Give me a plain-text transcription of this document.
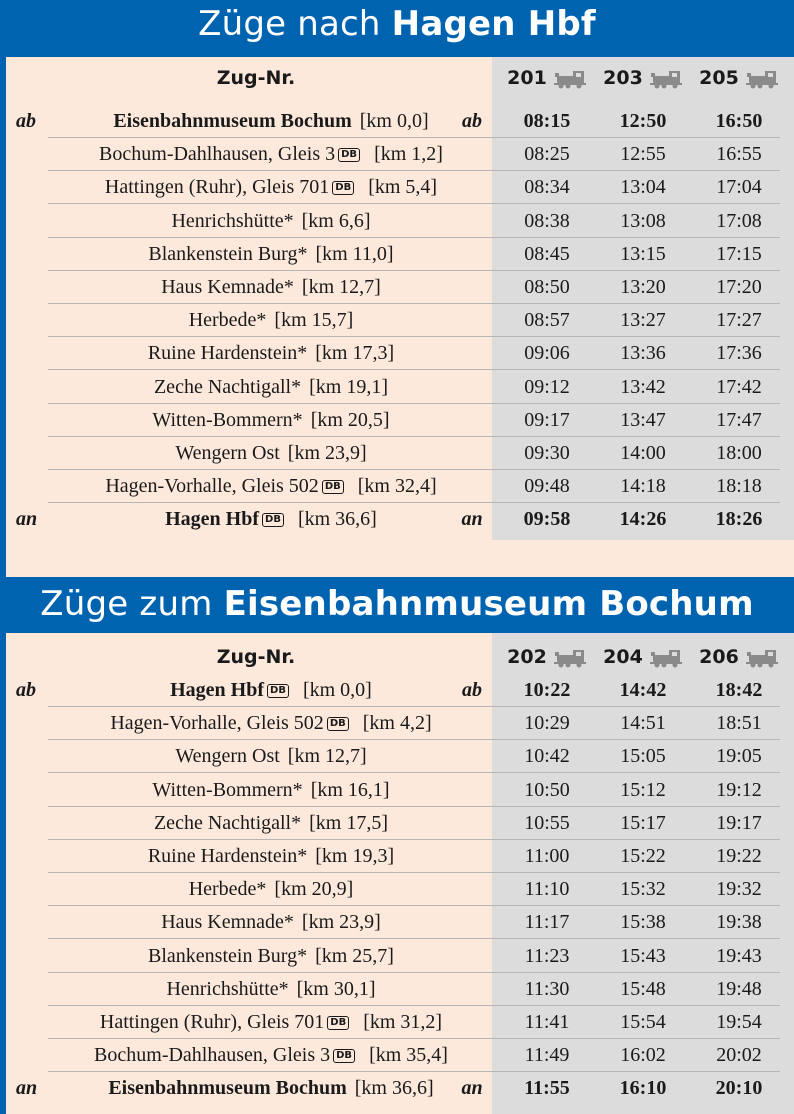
Züge nach Hagen Hbf
Zug-Nr.	201	203	205
ab	Eisenbahnmuseum Bochum [km 0,0]	ab	08:15	12:50	16:50
Bochum-Dahlhausen, Gleis 3 DB [km 1,2]	08:25	12:55	16:55
Hattingen (Ruhr), Gleis 701 DB [km 5,4]	08:34	13:04	17:04
Henrichshütte* [km 6,6]	08:38	13:08	17:08
Blankenstein Burg* [km 11,0]	08:45	13:15	17:15
Haus Kemnade* [km 12,7]	08:50	13:20	17:20
Herbede* [km 15,7]	08:57	13:27	17:27
Ruine Hardenstein* [km 17,3]	09:06	13:36	17:36
Zeche Nachtigall* [km 19,1]	09:12	13:42	17:42
Witten-Bommern* [km 20,5]	09:17	13:47	17:47
Wengern Ost [km 23,9]	09:30	14:00	18:00
Hagen-Vorhalle, Gleis 502 DB [km 32,4]	09:48	14:18	18:18
an	Hagen Hbf DB [km 36,6]	an	09:58	14:26	18:26
Züge zum Eisenbahnmuseum Bochum
Zug-Nr.	202	204	206
ab	Hagen Hbf DB [km 0,0]	ab	10:22	14:42	18:42
Hagen-Vorhalle, Gleis 502 DB [km 4,2]	10:29	14:51	18:51
Wengern Ost [km 12,7]	10:42	15:05	19:05
Witten-Bommern* [km 16,1]	10:50	15:12	19:12
Zeche Nachtigall* [km 17,5]	10:55	15:17	19:17
Ruine Hardenstein* [km 19,3]	11:00	15:22	19:22
Herbede* [km 20,9]	11:10	15:32	19:32
Haus Kemnade* [km 23,9]	11:17	15:38	19:38
Blankenstein Burg* [km 25,7]	11:23	15:43	19:43
Henrichshütte* [km 30,1]	11:30	15:48	19:48
Hattingen (Ruhr), Gleis 701 DB [km 31,2]	11:41	15:54	19:54
Bochum-Dahlhausen, Gleis 3 DB [km 35,4]	11:49	16:02	20:02
an	Eisenbahnmuseum Bochum [km 36,6]	an	11:55	16:10	20:10
